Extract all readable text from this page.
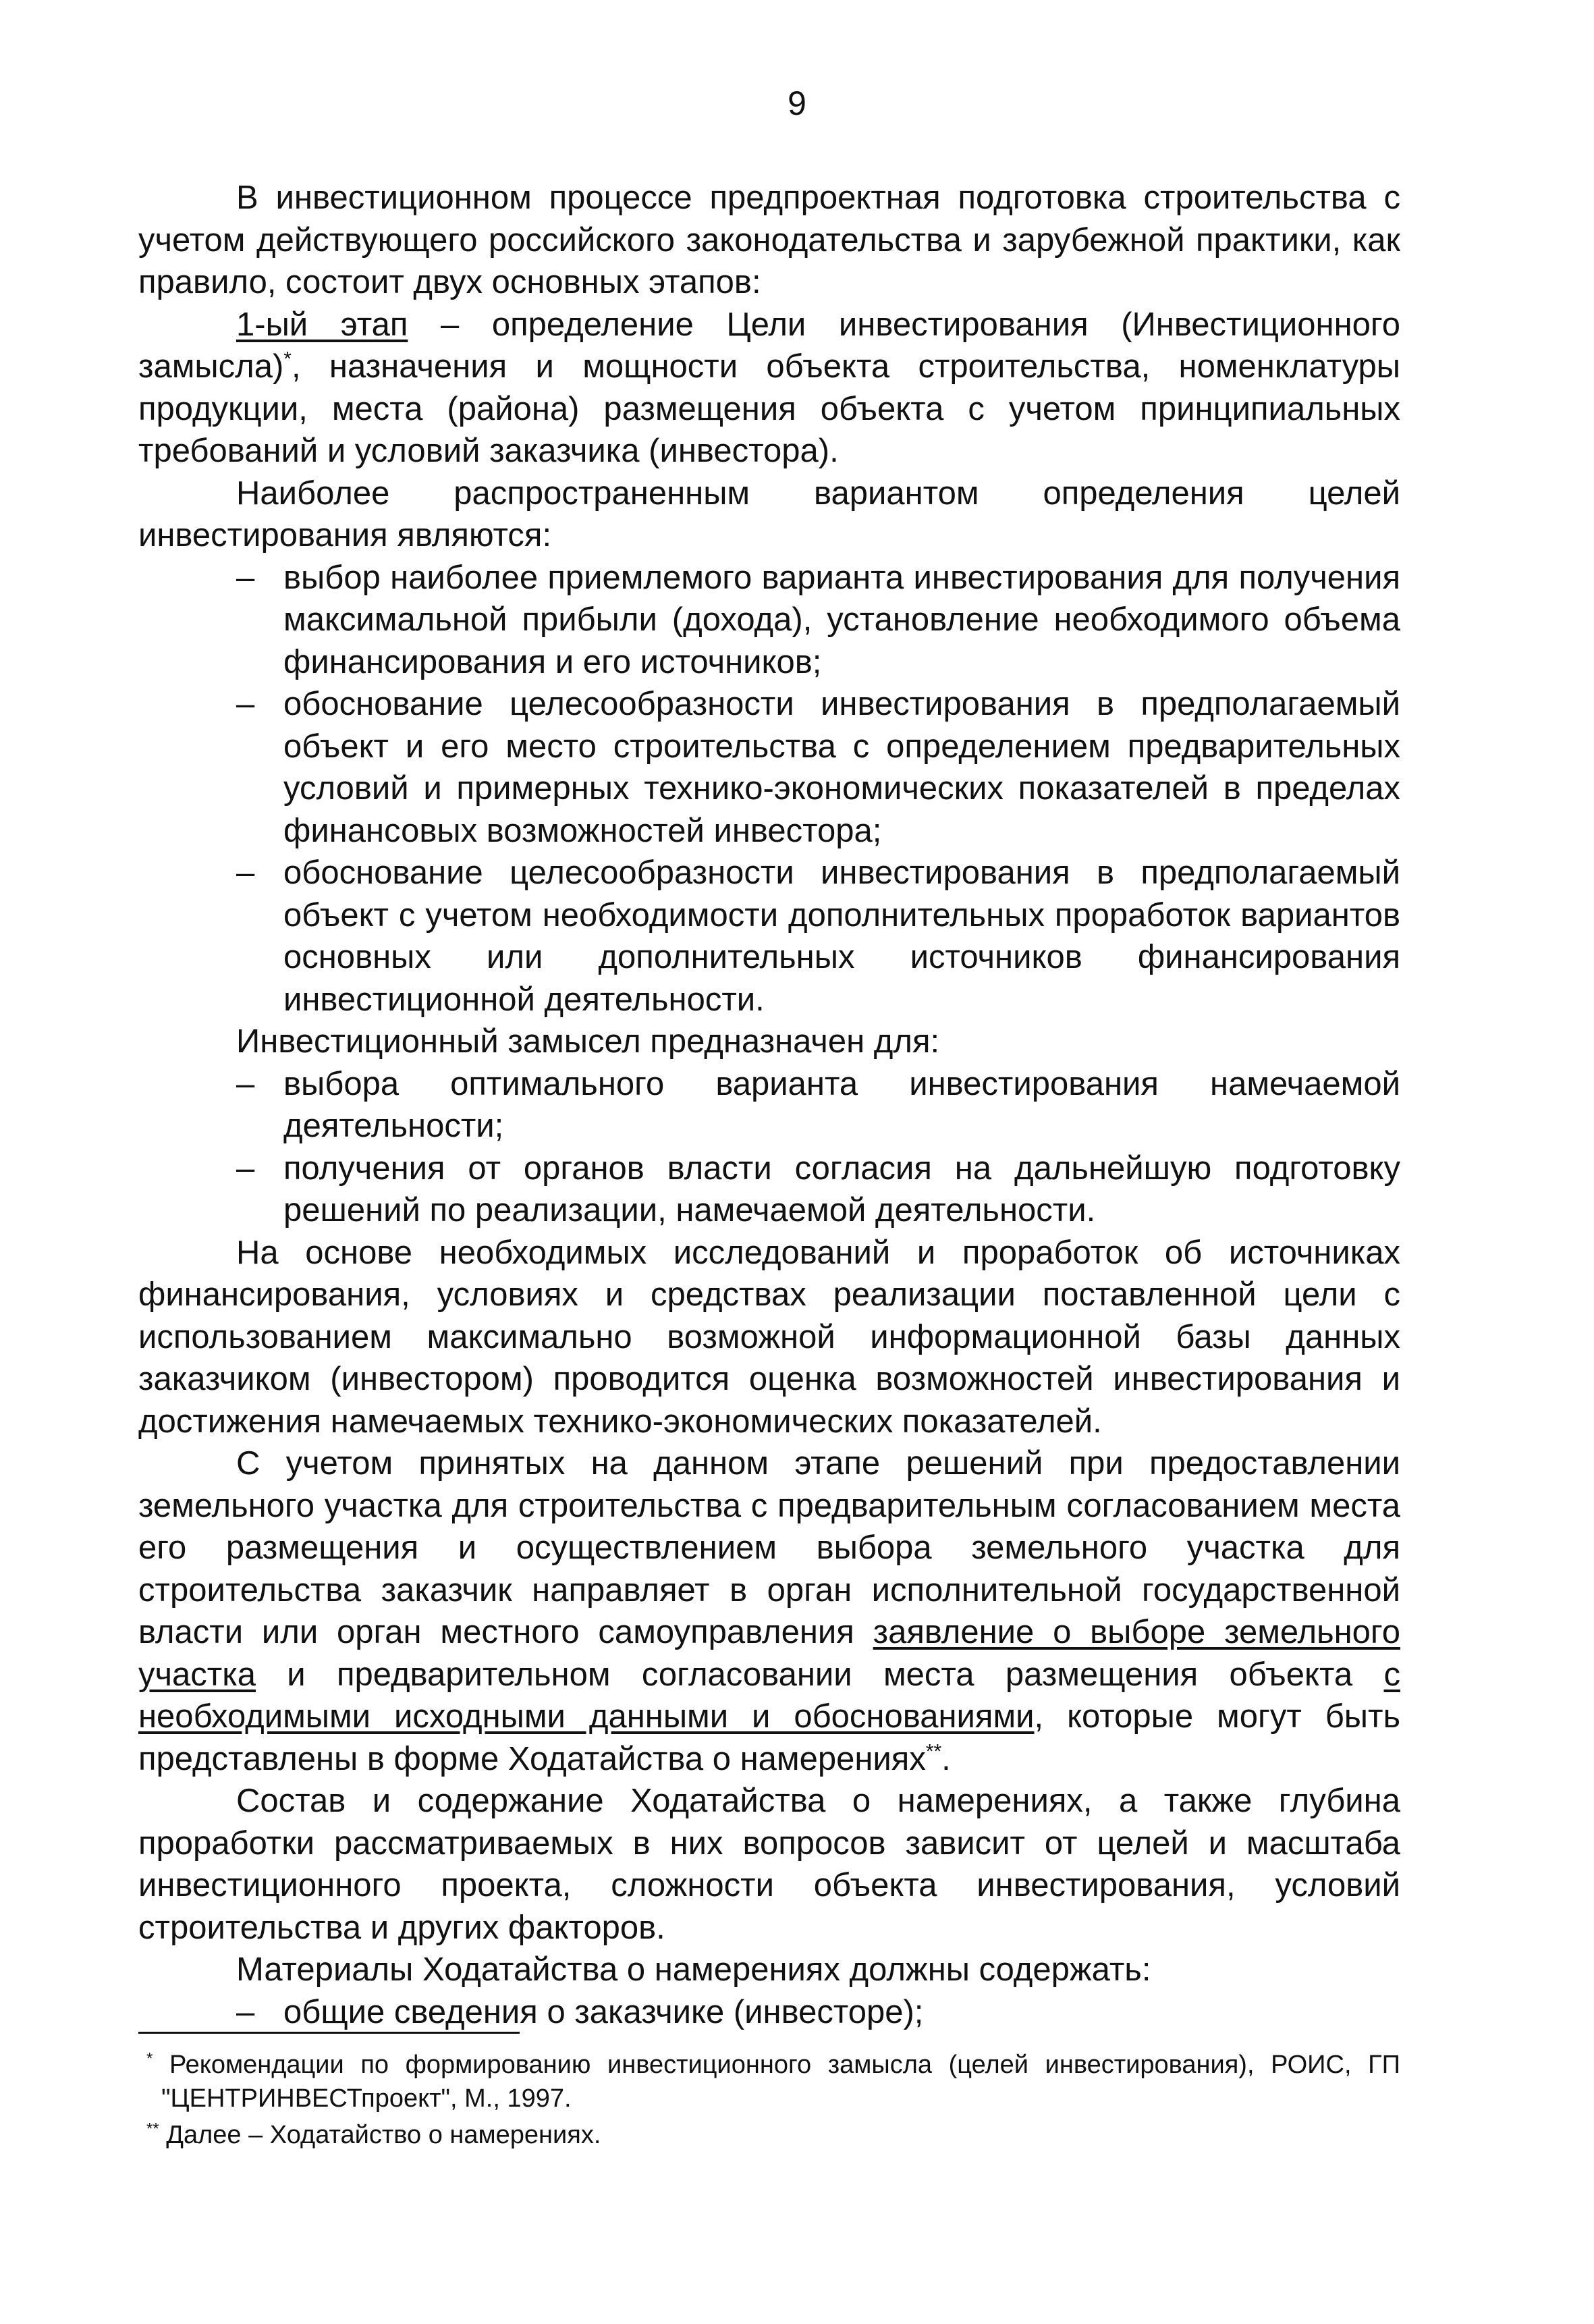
9

В инвестиционном процессе предпроектная подготовка строительства с учетом действующего российского законодательства и зарубежной практики, как правило, состоит двух основных этапов:

1-ый этап – определение Цели инвестирования (Инвестиционного замысла)*, назначения и мощности объекта строительства, номенклатуры продукции, места (района) размещения объекта с учетом принципиальных требований и условий заказчика (инвестора).

Наиболее распространенным вариантом определения целей инвестирования являются:

– выбор наиболее приемлемого варианта инвестирования для получения максимальной прибыли (дохода), установление необходимого объема финансирования и его источников;

– обоснование целесообразности инвестирования в предполагаемый объект и его место строительства с определением предварительных условий и примерных технико-экономических показателей в пределах финансовых возможностей инвестора;

– обоснование целесообразности инвестирования в предполагаемый объект с учетом необходимости дополнительных проработок вариантов основных или дополнительных источников финансирования инвестиционной деятельности.

Инвестиционный замысел предназначен для:

– выбора оптимального варианта инвестирования намечаемой деятельности;

– получения от органов власти согласия на дальнейшую подготовку решений по реализации, намечаемой деятельности.

На основе необходимых исследований и проработок об источниках финансирования, условиях и средствах реализации поставленной цели с использованием максимально возможной информационной базы данных заказчиком (инвестором) проводится оценка возможностей инвестирования и достижения намечаемых технико-экономических показателей.

С учетом принятых на данном этапе решений при предоставлении земельного участка для строительства с предварительным согласованием места его размещения и осуществлением выбора земельного участка для строительства заказчик направляет в орган исполнительной государственной власти или орган местного самоуправления заявление о выборе земельного участка и предварительном согласовании места размещения объекта с необходимыми исходными данными и обоснованиями, которые могут быть представлены в форме Ходатайства о намерениях**.

Состав и содержание Ходатайства о намерениях, а также глубина проработки рассматриваемых в них вопросов зависит от целей и масштаба инвестиционного проекта, сложности объекта инвестирования, условий строительства и других факторов.

Материалы Ходатайства о намерениях должны содержать:

– общие сведения о заказчике (инвесторе);

* Рекомендации по формированию инвестиционного замысла (целей инвестирования), РОИС, ГП "ЦЕНТРИНВЕСТпроект", М., 1997.

** Далее – Ходатайство о намерениях.
